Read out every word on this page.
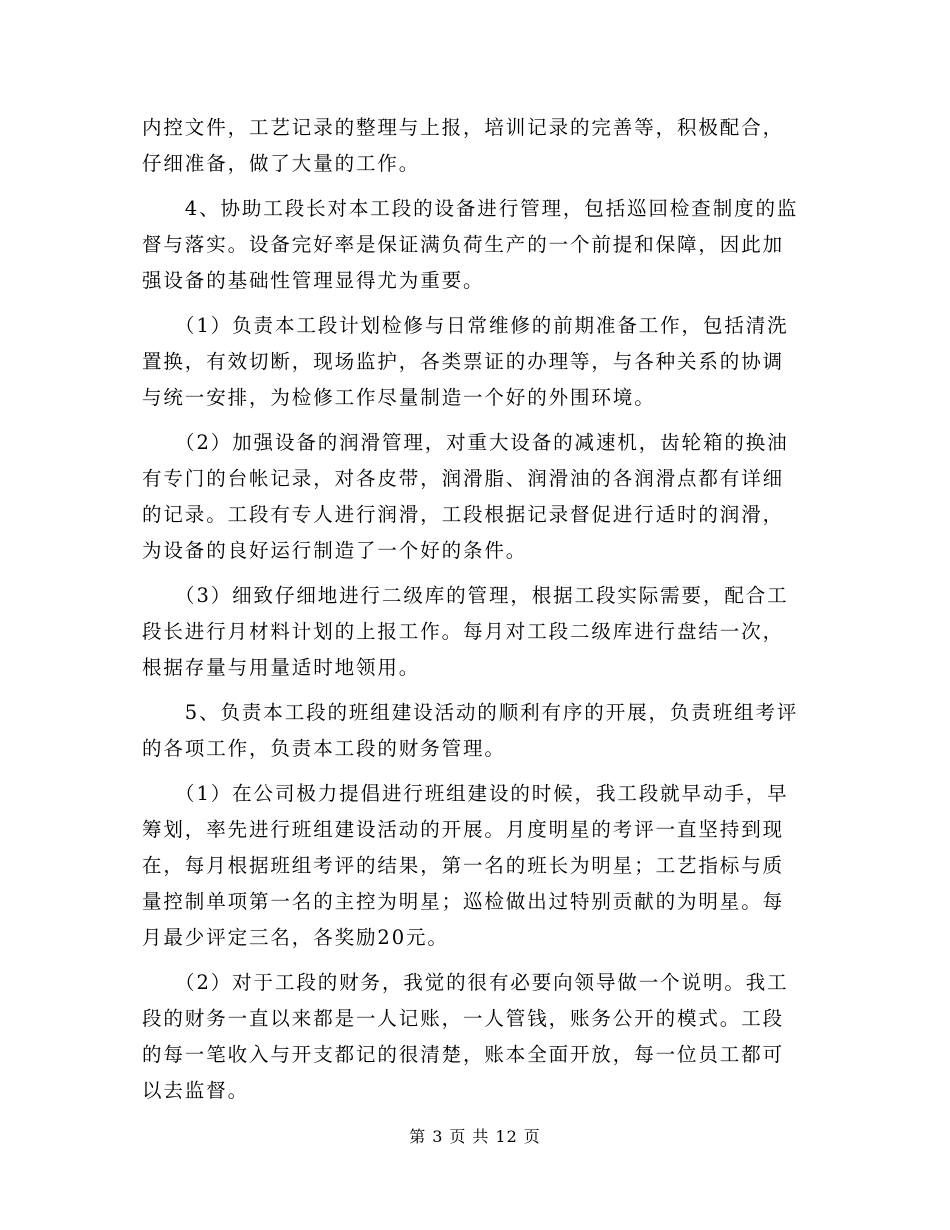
内控文件，工艺记录的整理与上报，培训记录的完善等，积极配合，
仔细准备，做了大量的工作。
　　4、协助工段长对本工段的设备进行管理，包括巡回检查制度的监
督与落实。设备完好率是保证满负荷生产的一个前提和保障，因此加
强设备的基础性管理显得尤为重要。
　　（1）负责本工段计划检修与日常维修的前期准备工作，包括清洗
置换，有效切断，现场监护，各类票证的办理等，与各种关系的协调
与统一安排，为检修工作尽量制造一个好的外围环境。
　　（2）加强设备的润滑管理，对重大设备的减速机，齿轮箱的换油
有专门的台帐记录，对各皮带，润滑脂、润滑油的各润滑点都有详细
的记录。工段有专人进行润滑，工段根据记录督促进行适时的润滑，
为设备的良好运行制造了一个好的条件。
　　（3）细致仔细地进行二级库的管理，根据工段实际需要，配合工
段长进行月材料计划的上报工作。每月对工段二级库进行盘结一次，
根据存量与用量适时地领用。
　　5、负责本工段的班组建设活动的顺利有序的开展，负责班组考评
的各项工作，负责本工段的财务管理。
　　（1）在公司极力提倡进行班组建设的时候，我工段就早动手，早
筹划，率先进行班组建设活动的开展。月度明星的考评一直坚持到现
在，每月根据班组考评的结果，第一名的班长为明星；工艺指标与质
量控制单项第一名的主控为明星；巡检做出过特别贡献的为明星。每
月最少评定三名，各奖励20元。
　　（2）对于工段的财务，我觉的很有必要向领导做一个说明。我工
段的财务一直以来都是一人记账，一人管钱，账务公开的模式。工段
的每一笔收入与开支都记的很清楚，账本全面开放，每一位员工都可
以去监督。
第 3 页 共 12 页
